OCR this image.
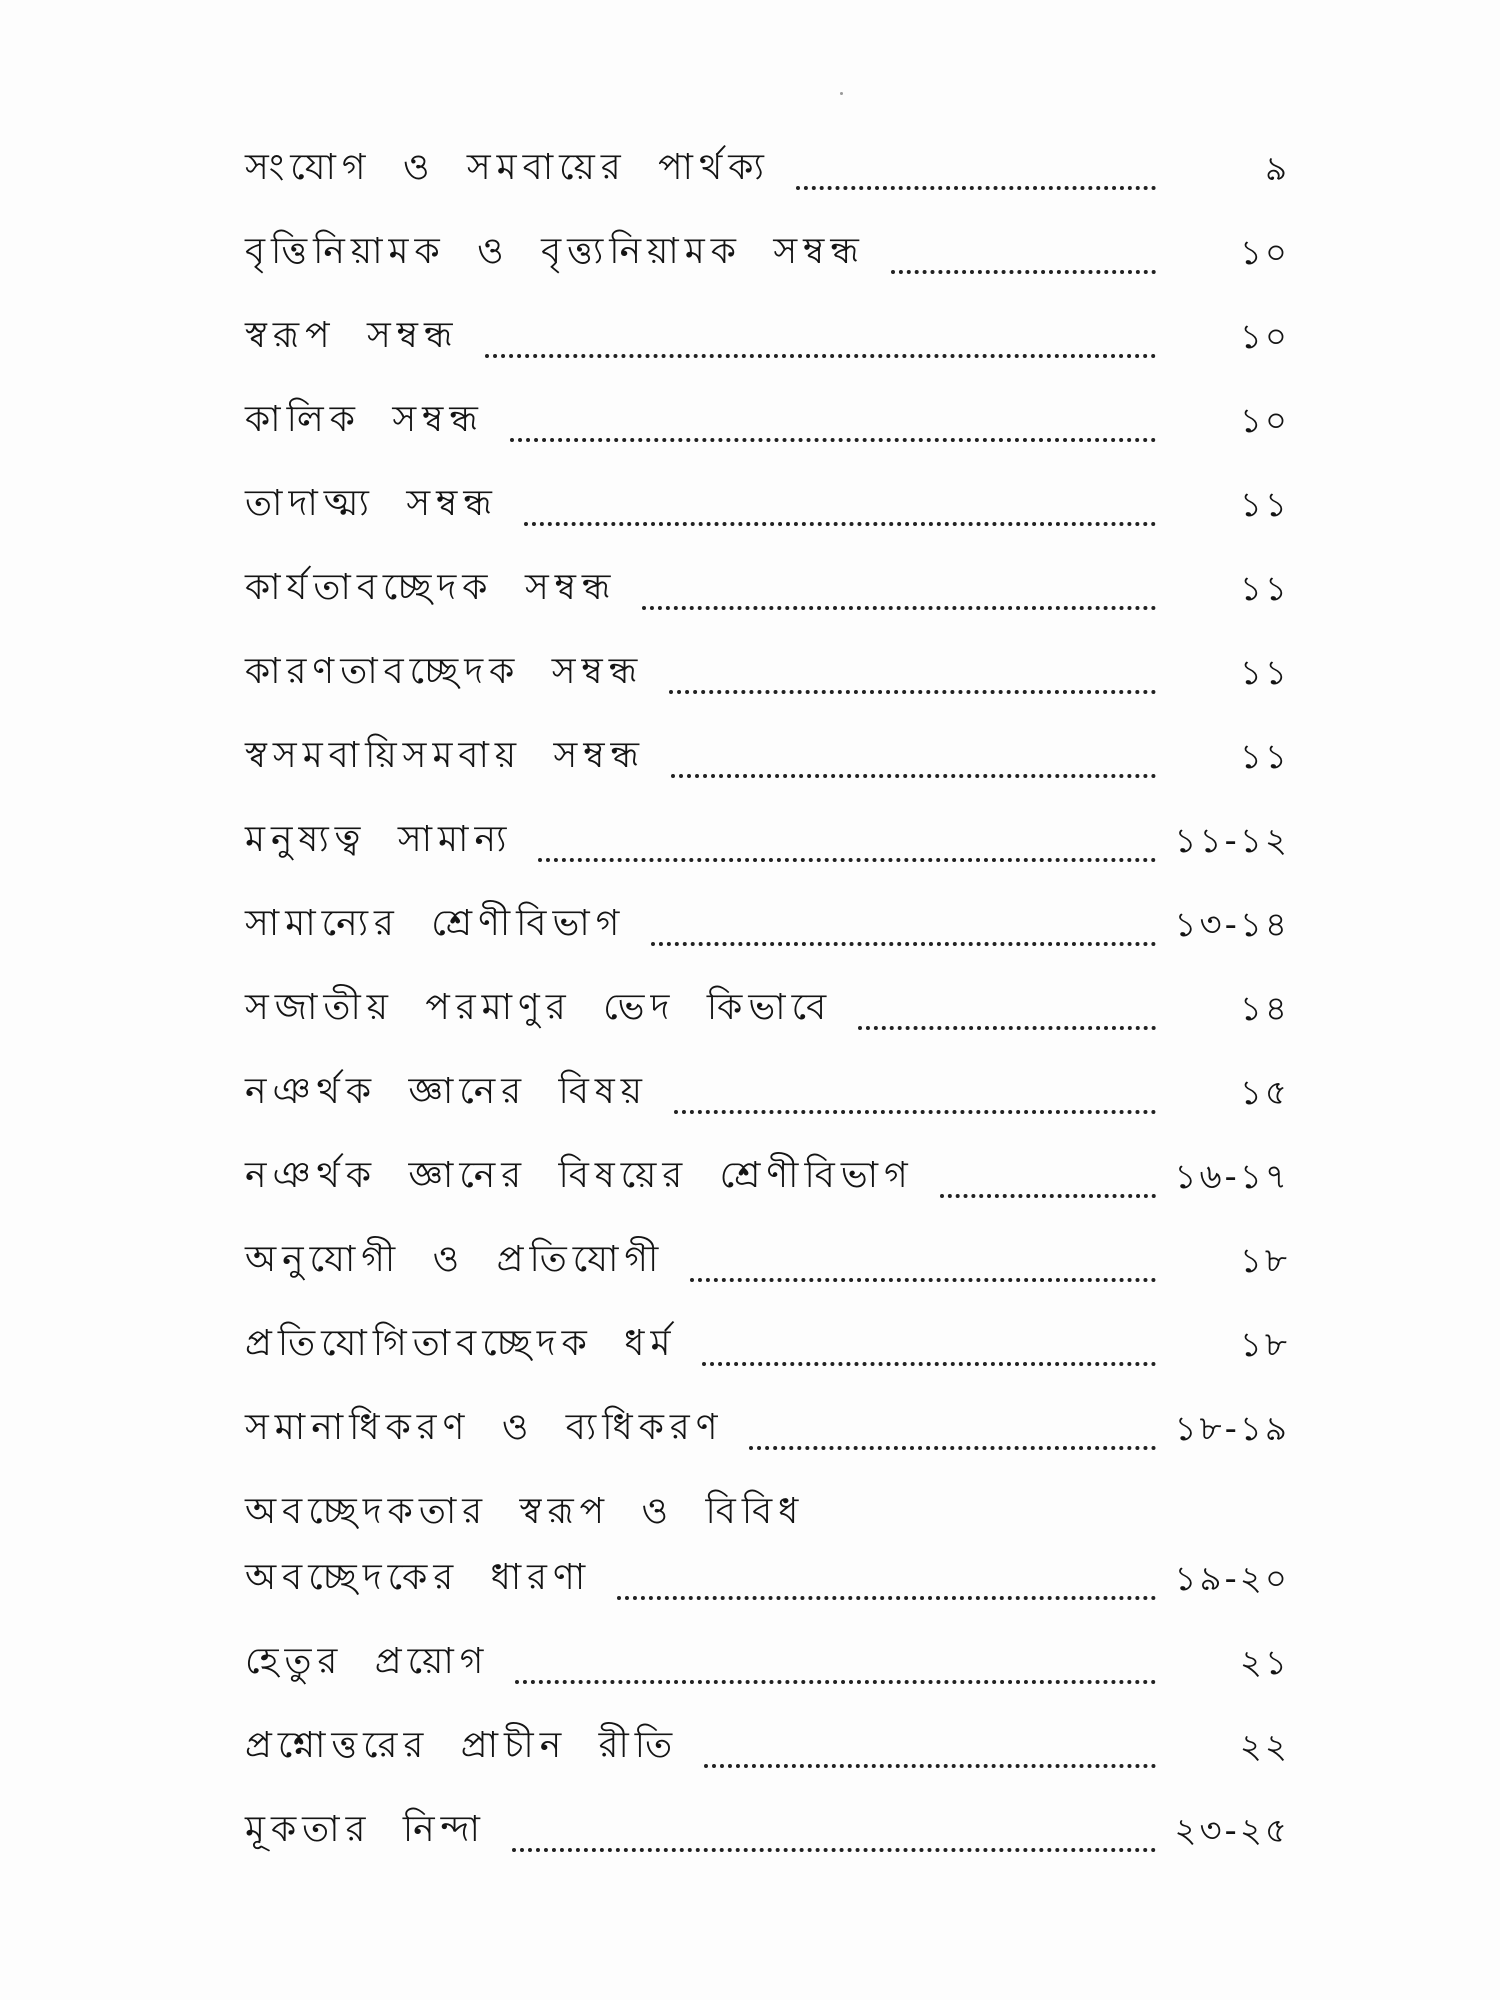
সংযোগ ও সমবায়ের পার্থক্য	৯
বৃত্তিনিয়ামক ও বৃত্ত্যনিয়ামক সম্বন্ধ	১০
স্বরূপ সম্বন্ধ	১০
কালিক সম্বন্ধ	১০
তাদাত্ম্য সম্বন্ধ	১১
কার্যতাবচ্ছেদক সম্বন্ধ	১১
কারণতাবচ্ছেদক সম্বন্ধ	১১
স্বসমবায়িসমবায় সম্বন্ধ	১১
মনুষ্যত্ব সামান্য	১১-১২
সামান্যের শ্রেণীবিভাগ	১৩-১৪
সজাতীয় পরমাণুর ভেদ কিভাবে	১৪
নঞর্থক জ্ঞানের বিষয়	১৫
নঞর্থক জ্ঞানের বিষয়ের শ্রেণীবিভাগ	১৬-১৭
অনুযোগী ও প্রতিযোগী	১৮
প্রতিযোগিতাবচ্ছেদক ধর্ম	১৮
সমানাধিকরণ ও ব্যধিকরণ	১৮-১৯
অবচ্ছেদকতার স্বরূপ ও বিবিধ
অবচ্ছেদকের ধারণা	১৯-২০
হেতুর প্রয়োগ	২১
প্রশ্নোত্তরের প্রাচীন রীতি	২২
মূকতার নিন্দা	২৩-২৫
